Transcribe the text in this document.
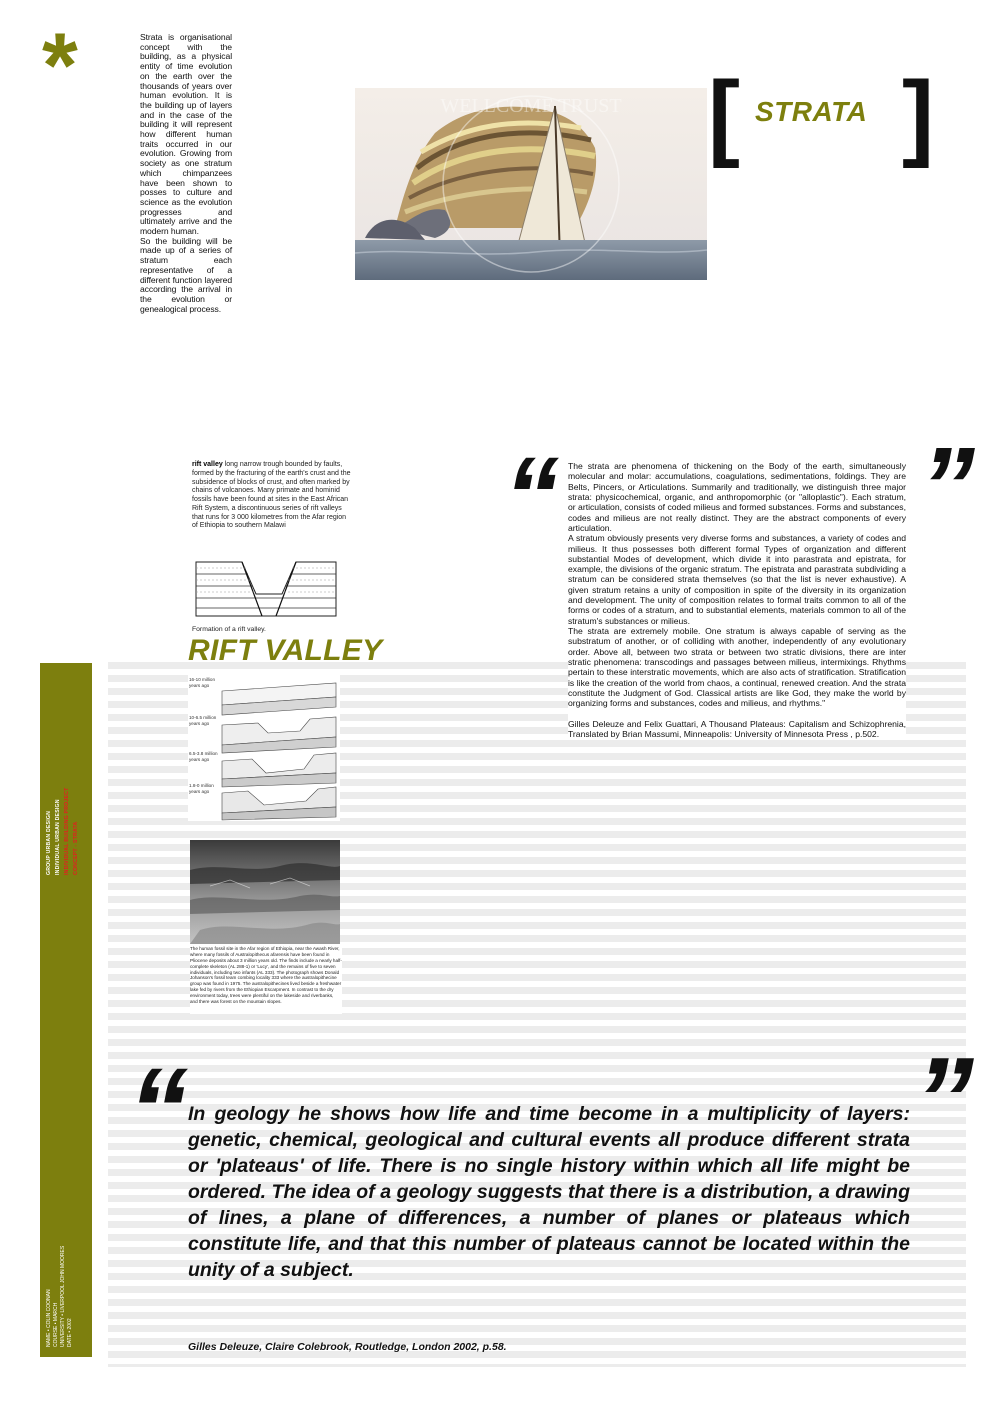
*	Strata is organisational concept with the building, as a physical entity of time evolution on the earth over the thousands of years over human evolution. It is the building up of layers and in the case of the building it will represent how different human traits occurred in our evolution. Growing from society as one stratum which chimpanzees have been shown to posses to culture and science as the evolution progresses and ultimately arrive and the modern human.

So the building will be made up of a series of stratum each representative of a different function layered according the arrival in the evolution or genealogical process.

WELLCOME TRUST [ STRATA ]
rift valley long narrow trough bounded by faults, formed by the fracturing of the earth's crust and the subsidence of blocks of crust, and often marked by chains of volcanoes. Many primate and hominid fossils have been found at sites in the East African Rift System, a discontinuous series of rift valleys that runs for 3 000 kilometres from the Afar region of Ethiopia to southern Malawi
Formation of a rift valley.
RIFT VALLEY
16-10 million years ago
10-6.5 million years ago
6.5-3.8 million years ago
1.8-0 million years ago
The human fossil site in the Afar region of Ethiopia, near the Awash River, where many fossils of Australopithecus afarensis have been found in Pliocene deposits about 3 million years old. The finds include a nearly half-complete skeleton (AL 288-1) or 'Lucy', and the remains of five to seven individuals, including two infants (AL 333). The photograph shows Donald Johanson's fossil team combing locality 333 where the australopithecine group was found in 1975. The australopithecines lived beside a freshwater lake fed by rivers from the Ethiopian Escarpment. In contrast to the dry environment today, trees were plentiful on the lakeside and riverbanks, and there was forest on the mountain slopes.
“	”

The strata are phenomena of thickening on the Body of the earth, simultaneously molecular and molar: accumulations, coagulations, sedimentations, foldings. They are Belts, Pincers, or Articulations. Summarily and traditionally, we distinguish three major strata: physicochemical, organic, and anthropomorphic (or "alloplastic"). Each stratum, or articulation, consists of coded milieus and formed substances. Forms and substances, codes and milieus are not really distinct. They are the abstract components of every articulation.

A stratum obviously presents very diverse forms and substances, a variety of codes and milieus. It thus possesses both different formal Types of organization and different substantial Modes of development, which divide it into parastrata and epistrata, for example, the divisions of the organic stratum. The epistrata and parastrata subdividing a stratum can be considered strata themselves (so that the list is never exhaustive). A given stratum retains a unity of composition in spite of the diversity in its organization and development. The unity of composition relates to formal traits common to all of the forms or codes of a stratum, and to substantial elements, materials common to all of the stratum's substances or milieus.

The strata are extremely mobile. One stratum is always capable of serving as the substratum of another, or of colliding with another, independently of any evolutionary order. Above all, between two strata or between two stratic divisions, there are inter stratic phenomena: transcodings and passages between milieus, intermixings. Rhythms pertain to these interstratic movements, which are also acts of stratification. Stratification is like the creation of the world from chaos, a continual, renewed creation. And the strata constitute the Judgment of God. Classical artists are like God, they make the world by organizing forms and substances, codes and milieus, and rhythms."

Gilles Deleuze and Felix Guattari, A Thousand Plateaus: Capitalism and Schizophrenia, Translated by Brian Massumi, Minneapolis: University of Minnesota Press , p.502.

“	”
In geology he shows how life and time become in a multiplicity of layers: genetic, chemical, geological and cultural events all produce different strata or 'plateaus' of life. There is no single history within which all life might be ordered. The idea of a geology suggests that there is a distribution, a drawing of lines, a plane of differences, a number of planes or plateaus which constitute life, and that this number of plateaus cannot be located within the unity of a subject.
Gilles Deleuze, Claire Colebrook, Routledge, London 2002, p.58.
GROUP URBAN DESIGN INDIVIDUAL URBAN DESIGN INDIVIDUAL BUILDING PROJECT CONCEPT - STRATA
NAME • COLIN COONAN COURSE • MARCH UNIVERSITY • LIVERPOOL JOHN MOORES DATE • 2002
